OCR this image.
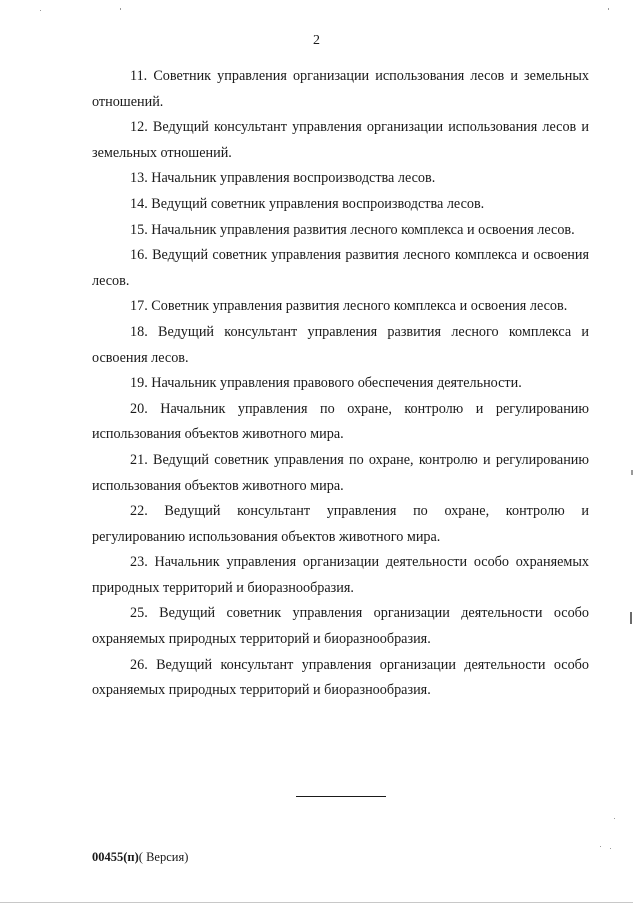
2

11. Советник управления организации использования лесов и земельных отношений.

12. Ведущий консультант управления организации использования лесов и земельных отношений.

13. Начальник управления воспроизводства лесов.

14. Ведущий советник управления воспроизводства лесов.

15. Начальник управления развития лесного комплекса и освоения лесов.

16. Ведущий советник управления развития лесного комплекса и освоения лесов.

17. Советник управления развития лесного комплекса и освоения лесов.

18. Ведущий консультант управления развития лесного комплекса и освоения лесов.

19. Начальник управления правового обеспечения деятельности.

20. Начальник управления по охране, контролю и регулированию использования объектов животного мира.

21. Ведущий советник управления по охране, контролю и регулированию использования объектов животного мира.

22. Ведущий консультант управления по охране, контролю и регулированию использования объектов животного мира.

23. Начальник управления организации деятельности особо охраняемых природных территорий и биоразнообразия.

25. Ведущий советник управления организации деятельности особо охраняемых природных территорий и биоразнообразия.

26. Ведущий консультант управления организации деятельности особо охраняемых природных территорий и биоразнообразия.

00455(п)( Версия)
